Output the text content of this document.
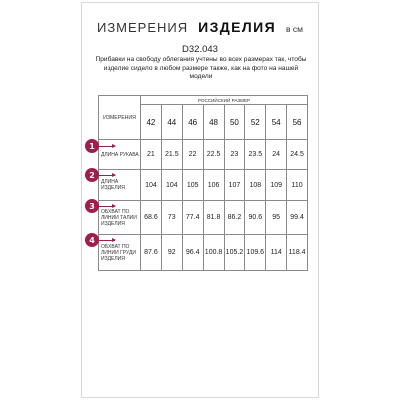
ИЗМЕРЕНИЯ ИЗДЕЛИЯ в см
D32.043
Прибавки на свободу облегания учтены во всех размерах так, чтобы изделие сидело в любом размере также, как на фото на нашей модели
ИЗМЕРЕНИЯ	РОССИЙСКИЙ РАЗМЕР							
	42	44	46	48	50	52	54	56
ДЛИНА РУКАВА	21	21.5	22	22.5	23	23.5	24	24.5
ДЛИНА ИЗДЕЛИЯ	104	104	105	106	107	108	109	110
ОБХВАТ ПО ЛИНИИ ТАЛИИ ИЗДЕЛИЯ	68.6	73	77.4	81.8	86.2	90.6	95	99.4
ОБХВАТ ПО ЛИНИИ ГРУДИ ИЗДЕЛИЯ	87.6	92	96.4	100.8	105.2	109.6	114	118.4
1
2
3
4
